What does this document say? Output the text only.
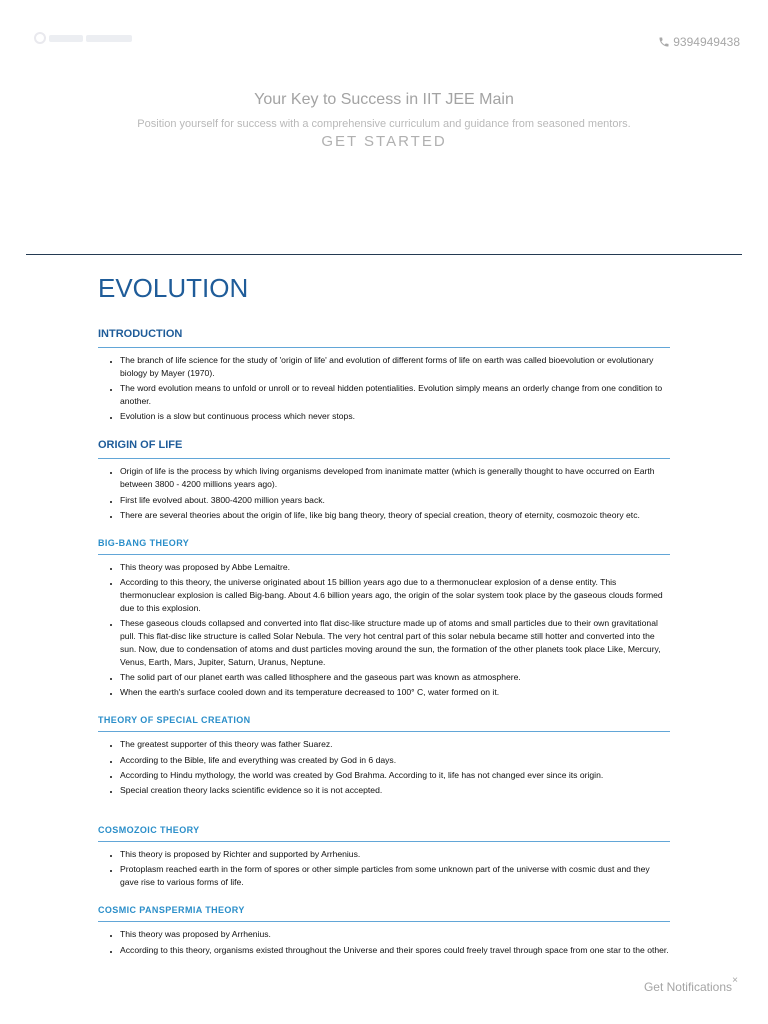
9394949438

Your Key to Success in IIT JEE Main

Position yourself for success with a comprehensive curriculum and guidance from seasoned mentors.

GET STARTED
EVOLUTION
INTRODUCTION
• The branch of life science for the study of 'origin of life' and evolution of different forms of life on earth was called bioevolution or evolutionary biology by Mayer (1970).
• The word evolution means to unfold or unroll or to reveal hidden potentialities. Evolution simply means an orderly change from one condition to another.
• Evolution is a slow but continuous process which never stops.
ORIGIN OF LIFE
• Origin of life is the process by which living organisms developed from inanimate matter (which is generally thought to have occurred on Earth between 3800 - 4200 millions years ago).
• First life evolved about. 3800-4200 million years back.
• There are several theories about the origin of life, like big bang theory, theory of special creation, theory of eternity, cosmozoic theory etc.
BIG-BANG THEORY
• This theory was proposed by Abbe Lemaitre.
• According to this theory, the universe originated about 15 billion years ago due to a thermonuclear explosion of a dense entity. This thermonuclear explosion is called Big-bang. About 4.6 billion years ago, the origin of the solar system took place by the gaseous clouds formed due to this explosion.
• These gaseous clouds collapsed and converted into flat disc-like structure made up of atoms and small particles due to their own gravitational pull. This flat-disc like structure is called Solar Nebula. The very hot central part of this solar nebula became still hotter and converted into the sun. Now, due to condensation of atoms and dust particles moving around the sun, the formation of the other planets took place Like, Mercury, Venus, Earth, Mars, Jupiter, Saturn, Uranus, Neptune.
• The solid part of our planet earth was called lithosphere and the gaseous part was known as atmosphere.
• When the earth's surface cooled down and its temperature decreased to 100° C, water formed on it.
THEORY OF SPECIAL CREATION
• The greatest supporter of this theory was father Suarez.
• According to the Bible, life and everything was created by God in 6 days.
• According to Hindu mythology, the world was created by God Brahma. According to it, life has not changed ever since its origin.
• Special creation theory lacks scientific evidence so it is not accepted.
COSMOZOIC THEORY
• This theory is proposed by Richter and supported by Arrhenius.
• Protoplasm reached earth in the form of spores or other simple particles from some unknown part of the universe with cosmic dust and they gave rise to various forms of life.
COSMIC PANSPERMIA THEORY
• This theory was proposed by Arrhenius.
• According to this theory, organisms existed throughout the Universe and their spores could freely travel through space from one star to the other.
Get Notifications ×
